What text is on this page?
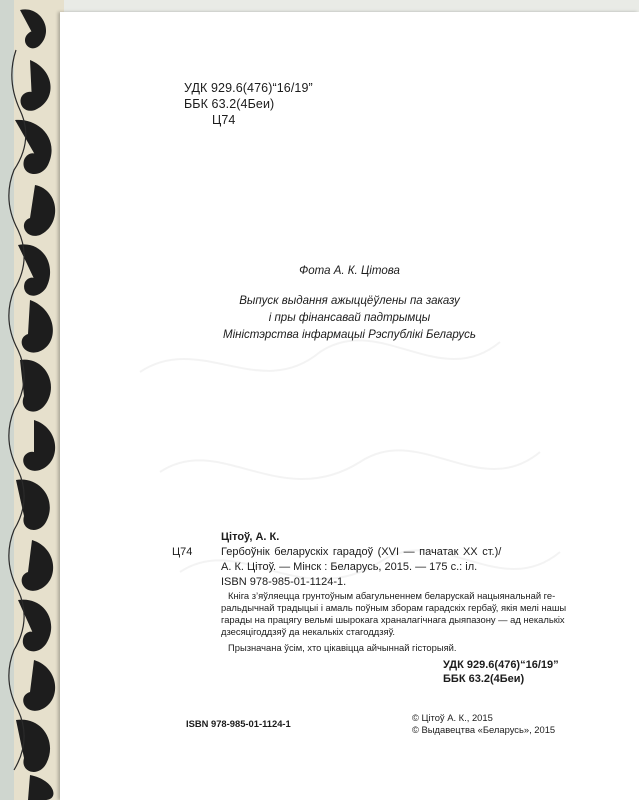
УДК 929.6(476)“16/19”
ББК 63.2(4Беи)
Ц74
Фота А. К. Цітова
Выпуск выдання ажыццёўлены па заказу
і пры фінансавай падтрымцы
Міністэрства інфармацыі Рэспублікі Беларусь
Цітоў, А. К.
Ц74	Гербоўнік беларускіх гарадоў (XVI — пачатак XX ст.)/
А. К. Цітоў. — Мінск : Беларусь, 2015. — 175 с.: іл.
ISBN 978-985-01-1124-1.
Кніга з’яўляецца грунтоўным абагульненнем беларускай нацыянальнай ге-
ральдычнай традыцыі і амаль поўным зборам гарадскіх гербаў, якія мелі нашы
гарады на працягу вельмі шырокага храналагічнага дыяпазону — ад некалькіх
дзесяцігоддзяў да некалькіх стагоддзяў.
Прызначана ўсім, хто цікавіцца айчыннай гісторыяй.
УДК 929.6(476)“16/19”
ББК 63.2(4Беи)
ISBN 978-985-01-1124-1
© Цітоў А. К., 2015
© Выдавецтва «Беларусь», 2015
